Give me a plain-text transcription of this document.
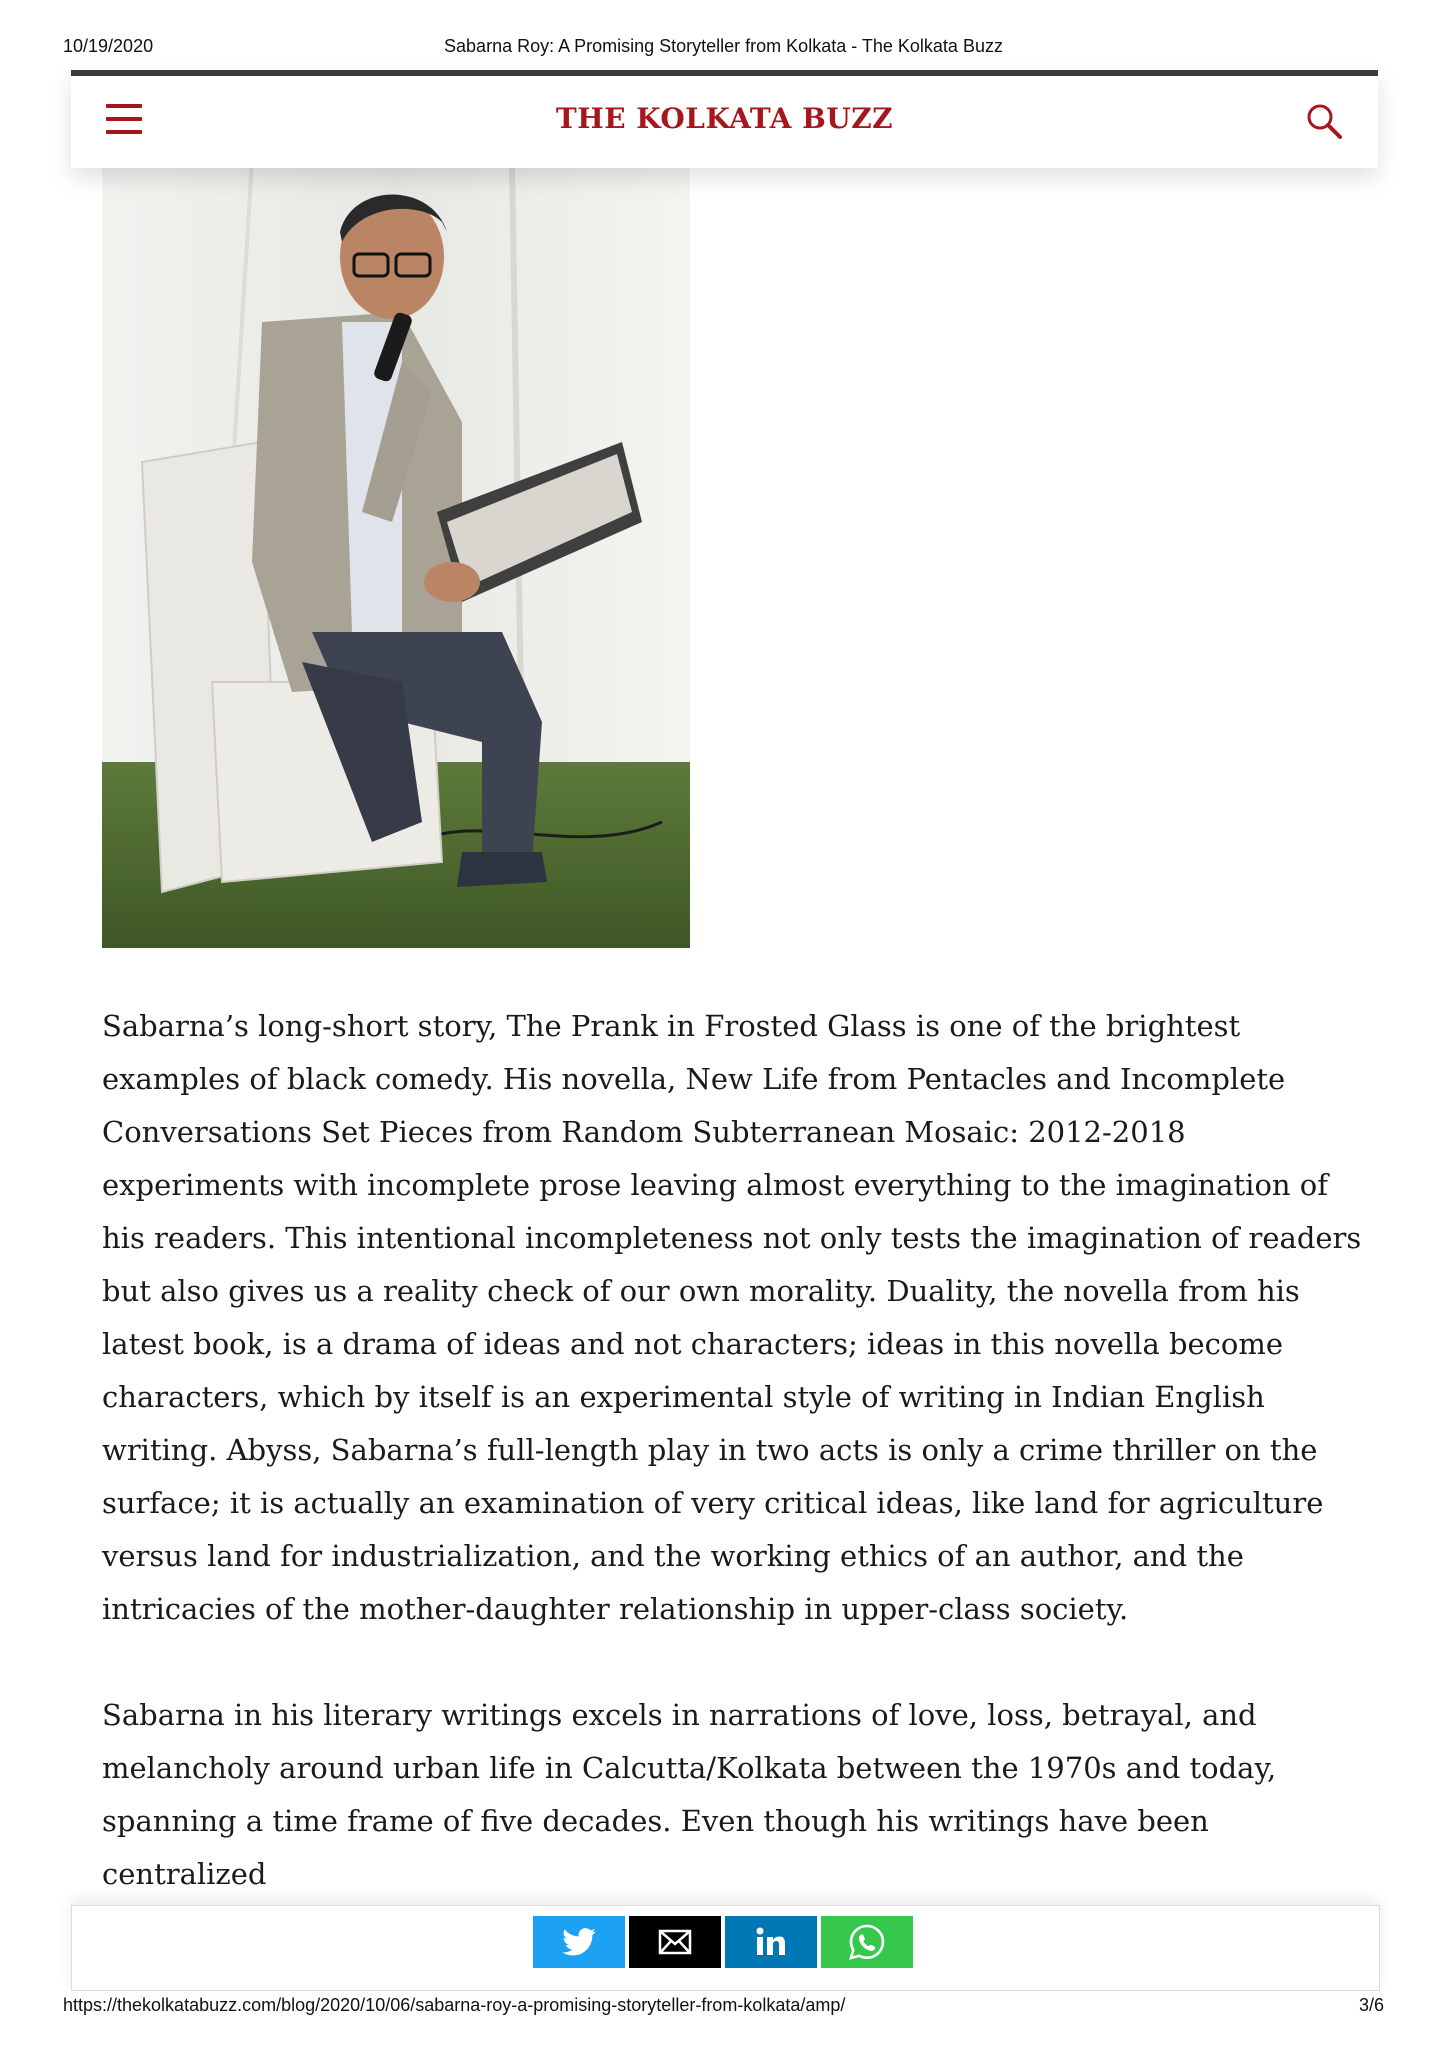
10/19/2020	Sabarna Roy: A Promising Storyteller from Kolkata - The Kolkata Buzz
THE KOLKATA BUZZ

Sabarna’s long-short story, The Prank in Frosted Glass is one of the brightest
examples of black comedy. His novella, New Life from Pentacles and Incomplete
Conversations Set Pieces from Random Subterranean Mosaic: 2012-2018
experiments with incomplete prose leaving almost everything to the imagination of
his readers. This intentional incompleteness not only tests the imagination of readers
but also gives us a reality check of our own morality. Duality, the novella from his
latest book, is a drama of ideas and not characters; ideas in this novella become
characters, which by itself is an experimental style of writing in Indian English
writing. Abyss, Sabarna’s full-length play in two acts is only a crime thriller on the
surface; it is actually an examination of very critical ideas, like land for agriculture
versus land for industrialization, and the working ethics of an author, and the
intricacies of the mother-daughter relationship in upper-class society.

Sabarna in his literary writings excels in narrations of love, loss, betrayal, and
melancholy around urban life in Calcutta/Kolkata between the 1970s and today,
spanning a time frame of five decades. Even though his writings have been centralized

https://thekolkatabuzz.com/blog/2020/10/06/sabarna-roy-a-promising-storyteller-from-kolkata/amp/	3/6
